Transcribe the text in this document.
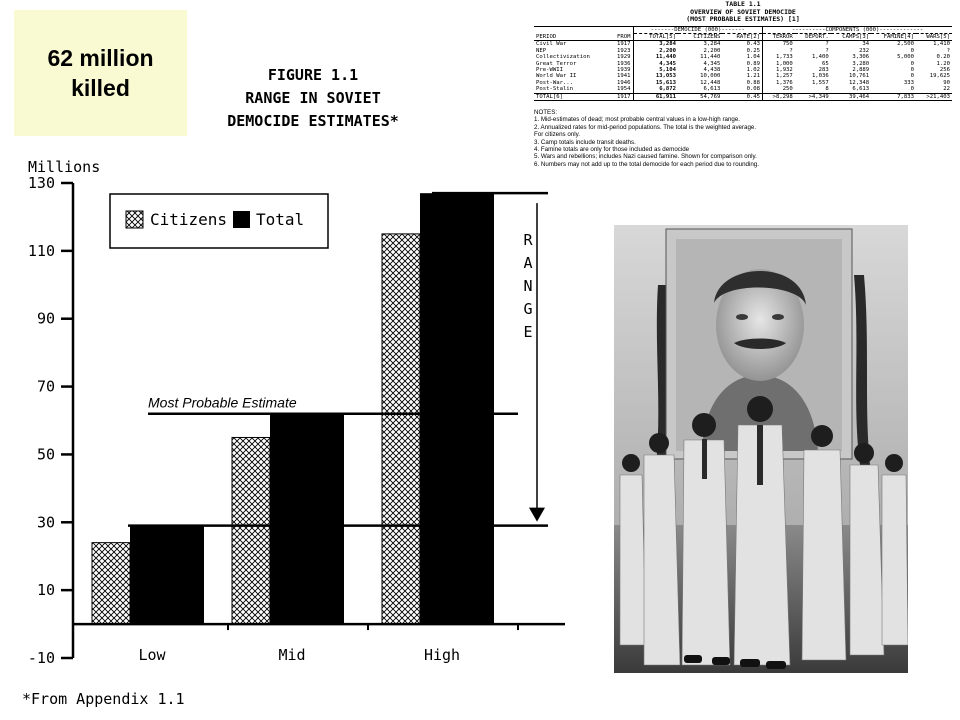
62 million
killed	FIGURE 1.1
RANGE IN SOVIET
DEMOCIDE ESTIMATES*
Millions
-10
10
30
50
70
90
110
130
Low	Mid	High
Citizens Total
Most Probable Estimate
R
A
N
G
E
*From Appendix 1.1
TABLE 1.1
OVERVIEW OF SOVIET DEMOCIDE
(MOST PROBABLE ESTIMATES) [1]
		-------DEMOCIDE (000)-------			----------COMPONENTS (000)-------------				
PERIOD	FROM	TOTAL[5]	CITIZENS	RATE[2]	TERROR	DEPORT.	CAMPS[3]	FAMINE[4]	WARS[5]
Civil War	1917	3,284	3,284	0.43	750	?	34	2,500	1,410
NEP	1923	2,200	2,200	0.25	?	?	232	0	?
Collectivization	1929	11,440	11,440	1.04	1,733	1,400	3,306	5,000	0.20
Great Terror	1936	4,345	4,345	0.89	1,000	65	3,280	0	1.20
Pre-WWII	1939	5,104	4,438	1.02	1,932	283	2,889	0	256
World War II	1941	13,053	10,000	1.21	1,257	1,036	10,761	0	19,625
Post-War...	1946	15,613	12,448	0.88	1,376	1,557	12,348	333	90
Post-Stalin	1954	6,872	6,613	0.08	250	8	6,613	0	22
TOTAL[6]	1917	61,911	54,769	0.45	>8,298	>4,349	39,464	7,833	>21,403
NOTES:
1. Mid-estimates of dead; most probable central values in a low-high range.
2. Annualized rates for mid-period populations. The total is the weighted average.
For citizens only.
3. Camp totals include transit deaths.
4. Famine totals are only for those included as democide
5. Wars and rebellions; includes Nazi caused famine. Shown for comparison only.
6. Numbers may not add up to the total democide for each period due to rounding.
